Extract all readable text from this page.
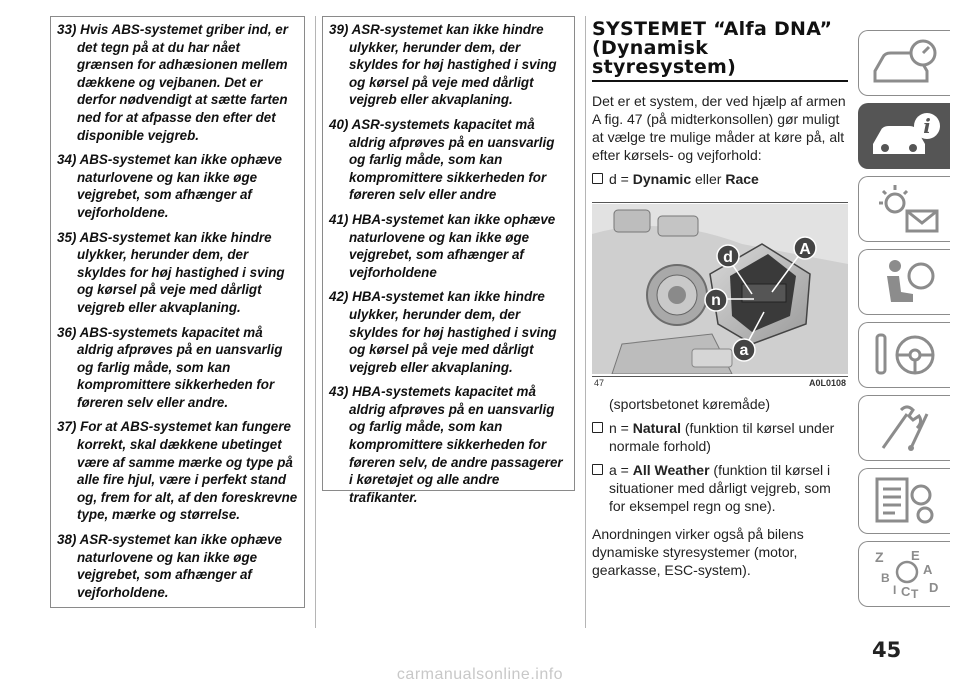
33) Hvis ABS-systemet griber ind, er det tegn på at du har nået grænsen for adhæsionen mellem dækkene og vejbanen. Det er derfor nødvendigt at sætte farten ned for at afpasse den efter det disponible vejgreb.

34) ABS-systemet kan ikke ophæve naturlovene og kan ikke øge vejgrebet, som afhænger af vejforholdene.

35) ABS-systemet kan ikke hindre ulykker, herunder dem, der skyldes for høj hastighed i sving og kørsel på veje med dårligt vejgreb eller akvaplaning.

36) ABS-systemets kapacitet må aldrig afprøves på en uansvarlig og farlig måde, som kan kompromittere sikkerheden for føreren selv eller andre.

37) For at ABS-systemet kan fungere korrekt, skal dækkene ubetinget være af samme mærke og type på alle fire hjul, være i perfekt stand og, frem for alt, af den foreskrevne type, mærke og størrelse.

38) ASR-systemet kan ikke ophæve naturlovene og kan ikke øge vejgrebet, som afhænger af vejforholdene.

39) ASR-systemet kan ikke hindre ulykker, herunder dem, der skyldes for høj hastighed i sving og kørsel på veje med dårligt vejgreb eller akvaplaning.

40) ASR-systemets kapacitet må aldrig afprøves på en uansvarlig og farlig måde, som kan kompromittere sikkerheden for føreren selv eller andre

41) HBA-systemet kan ikke ophæve naturlovene og kan ikke øge vejgrebet, som afhænger af vejforholdene

42) HBA-systemet kan ikke hindre ulykker, herunder dem, der skyldes for høj hastighed i sving og kørsel på veje med dårligt vejgreb eller akvaplaning.

43) HBA-systemets kapacitet må aldrig afprøves på en uansvarlig og farlig måde, som kan kompromittere sikkerheden for føreren selv, de andre passagerer i køretøjet og alle andre trafikanter.

SYSTEMET “Alfa DNA” (Dynamisk styresystem)

Det er et system, der ved hjælp af armen A fig. 47 (på midterkonsollen) gør muligt at vælge tre mulige måder at køre på, alt efter kørsels- og vejforhold:

d = Dynamic eller Race

d
n
a
A
47	A0L0108

(sportsbetonet køremåde)

n = Natural (funktion til kørsel under normale forhold)

a = All Weather (funktion til kørsel i situationer med dårligt vejgreb, som for eksempel regn og sne).

Anordningen virker også på bilens dynamiske styresystemer (motor, gearkasse, ESC-system).

i
Z E
A
B
I C T D
45
carmanualsonline.info
